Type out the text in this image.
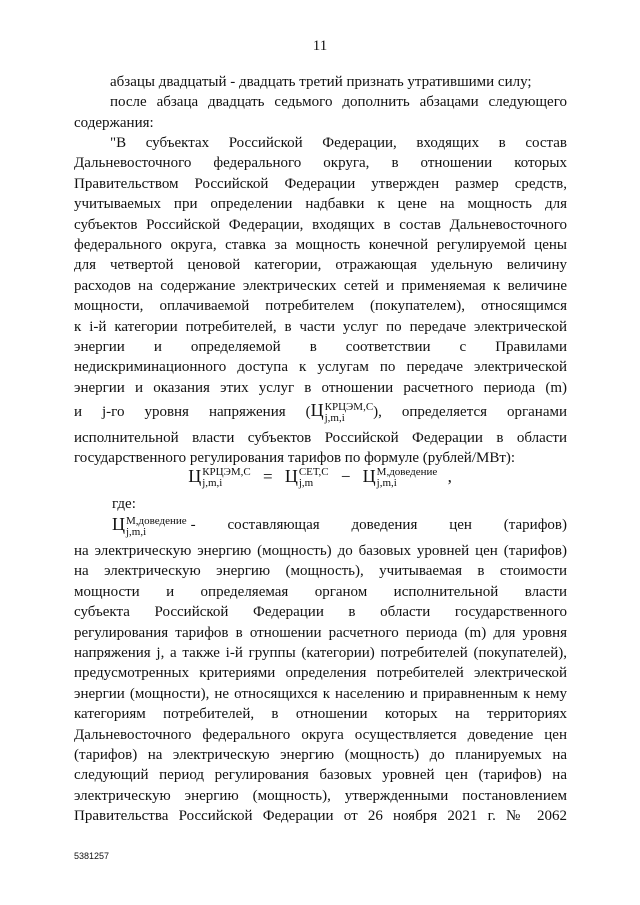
11
абзацы двадцатый - двадцать третий признать утратившими силу;
после абзаца двадцать седьмого дополнить абзацами следующего
содержания:
"В субъектах Российской Федерации, входящих в состав
Дальневосточного федерального округа, в отношении которых
Правительством Российской Федерации утвержден размер средств,
учитываемых при определении надбавки к цене на мощность для
субъектов Российской Федерации, входящих в состав Дальневосточного
федерального округа, ставка за мощность конечной регулируемой цены
для четвертой ценовой категории, отражающая удельную величину
расходов на содержание электрических сетей и применяемая к величине
мощности, оплачиваемой потребителем (покупателем), относящимся
к i-й категории потребителей, в части услуг по передаче электрической
энергии и определяемой в соответствии с Правилами
недискриминационного доступа к услугам по передаче электрической
энергии и оказания этих услуг в отношении расчетного периода (m)
и j-го уровня напряжения (Ц КРЦЭМ,С
j,m,i	), определяется органами
исполнительной власти субъектов Российской Федерации в области
государственного регулирования тарифов по формуле (рублей/МВт):
Ц КРЦЭМ,С
j,m,i	= Ц СЕТ,С
j,m	− Ц М,доведение
j,m,i	,
где:
Ц М,доведение
j,m,i	- составляющая доведения цен (тарифов)
на электрическую энергию (мощность) до базовых уровней цен (тарифов)
на электрическую энергию (мощность), учитываемая в стоимости
мощности и определяемая органом исполнительной власти
субъекта Российской Федерации в области государственного
регулирования тарифов в отношении расчетного периода (m) для уровня
напряжения j, а также i-й группы (категории) потребителей (покупателей),
предусмотренных критериями определения потребителей электрической
энергии (мощности), не относящихся к населению и приравненным к нему
категориям потребителей, в отношении которых на территориях
Дальневосточного федерального округа осуществляется доведение цен
(тарифов) на электрическую энергию (мощность) до планируемых на
следующий период регулирования базовых уровней цен (тарифов) на
электрическую энергию (мощность), утвержденными постановлением
Правительства Российской Федерации от 26 ноября 2021 г. № 2062
5381257
